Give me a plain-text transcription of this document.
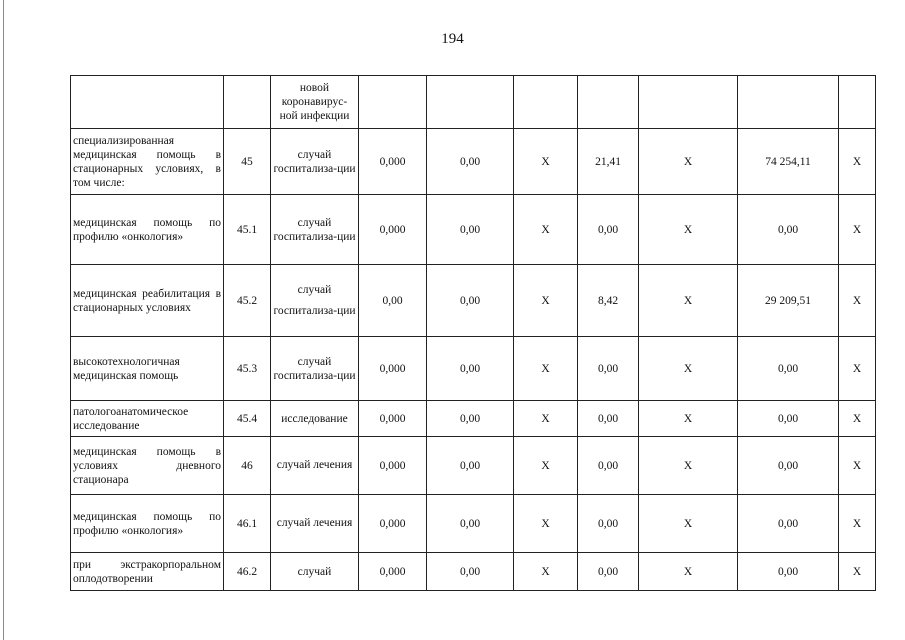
194
		новой коронавирус-ной инфекции							
специализированная медицинская помощь в стационарных условиях, в том числе:	45	случай госпитализа-ции	0,000	0,00	X	21,41	X	74 254,11	X
медицинская помощь по профилю «онкология»	45.1	случай госпитализа-ции	0,000	0,00	X	0,00	X	0,00	X
медицинская реабилитация в стационарных условиях	45.2	случай госпитализа-ции	0,00	0,00	X	8,42	X	29 209,51	X
высокотехнологичная медицинская помощь	45.3	случай госпитализа-ции	0,000	0,00	X	0,00	X	0,00	X
патологоанатомическое исследование	45.4	исследование	0,000	0,00	X	0,00	X	0,00	X
медицинская помощь в условиях дневного стационара	46	случай лечения	0,000	0,00	X	0,00	X	0,00	X
медицинская помощь по профилю «онкология»	46.1	случай лечения	0,000	0,00	X	0,00	X	0,00	X
при экстракорпоральном оплодотворении	46.2	случай	0,000	0,00	X	0,00	X	0,00	X
